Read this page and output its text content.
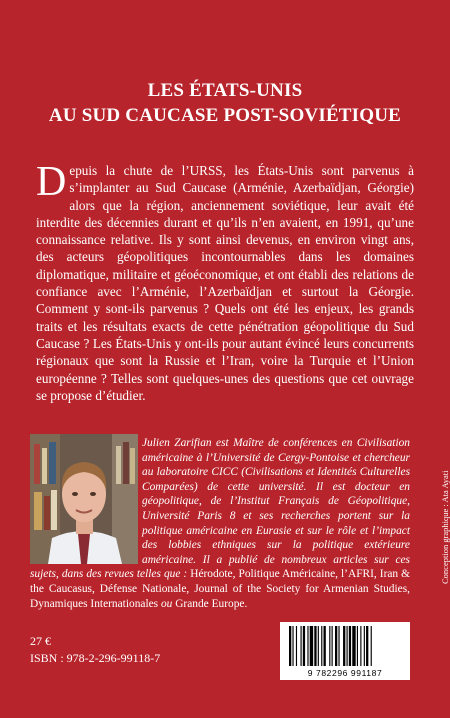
LES ÉTATS-UNIS
AU SUD CAUCASE POST-SOVIÉTIQUE
Depuis la chute de l’URSS, les États-Unis sont parvenus à s’implanter au Sud Caucase (Arménie, Azerbaïdjan, Géorgie) alors que la région, anciennement soviétique, leur avait été interdite des décennies durant et qu’ils n’en avaient, en 1991, qu’une connaissance relative. Ils y sont ainsi devenus, en environ vingt ans, des acteurs géopolitiques incontournables dans les domaines diplomatique, militaire et géoéconomique, et ont établi des relations de confiance avec l’Arménie, l’Azerbaïdjan et surtout la Géorgie. Comment y sont-ils parvenus ? Quels ont été les enjeux, les grands traits et les résultats exacts de cette pénétration géopolitique du Sud Caucase ? Les États-Unis y ont-ils pour autant évincé leurs concurrents régionaux que sont la Russie et l’Iran, voire la Turquie et l’Union européenne ? Telles sont quelques-unes des questions que cet ouvrage se propose d’étudier.
Julien Zarifian est Maître de conférences en Civilisation américaine à l’Université de Cergy-Pontoise et chercheur au laboratoire CICC (Civilisations et Identités Culturelles Comparées) de cette université. Il est docteur en géopolitique, de l’Institut Français de Géopolitique, Université Paris 8 et ses recherches portent sur la politique américaine en Eurasie et sur le rôle et l’impact des lobbies ethniques sur la politique extérieure américaine. Il a publié de nombreux articles sur ces sujets, dans des revues telles que : Hérodote, Politique Américaine, l’AFRI, Iran & the Caucasus, Défense Nationale, Journal of the Society for Armenian Studies, Dynamiques Internationales ou Grande Europe.
Conception graphique : Ata Ayati
27 €
ISBN : 978-2-296-99118-7
9 782296 991187
